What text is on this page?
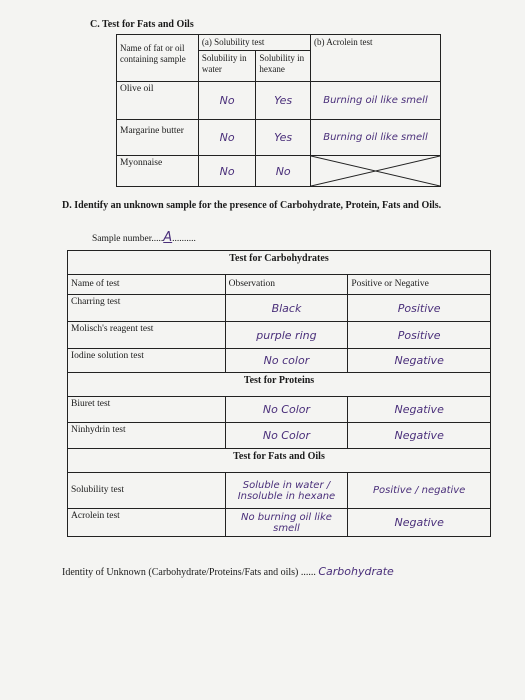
C. Test for Fats and Oils
Name of fat or oil containing sample	(a) Solubility test		(b) Acrolein test
	Solubility in water	Solubility in hexane	
Olive oil	No	Yes	Burning oil like smell
Margarine butter	No	Yes	Burning oil like smell
Myonnaise	No	No	
D. Identify an unknown sample for the presence of Carbohydrate, Protein, Fats and Oils.
Sample number.....A..........
Test for Carbohydrates		
Name of test	Observation	Positive or Negative
Charring test	Black	Positive
Molisch's reagent test	purple ring	Positive
Iodine solution test	No color	Negative
Test for Proteins		
Biuret test	No Color	Negative
Ninhydrin test	No Color	Negative
Test for Fats and Oils		
Solubility test	Soluble in water / Insoluble in hexane	Positive / negative
Acrolein test	No burning oil like smell	Negative
Identity of Unknown (Carbohydrate/Proteins/Fats and oils) ...... Carbohydrate
